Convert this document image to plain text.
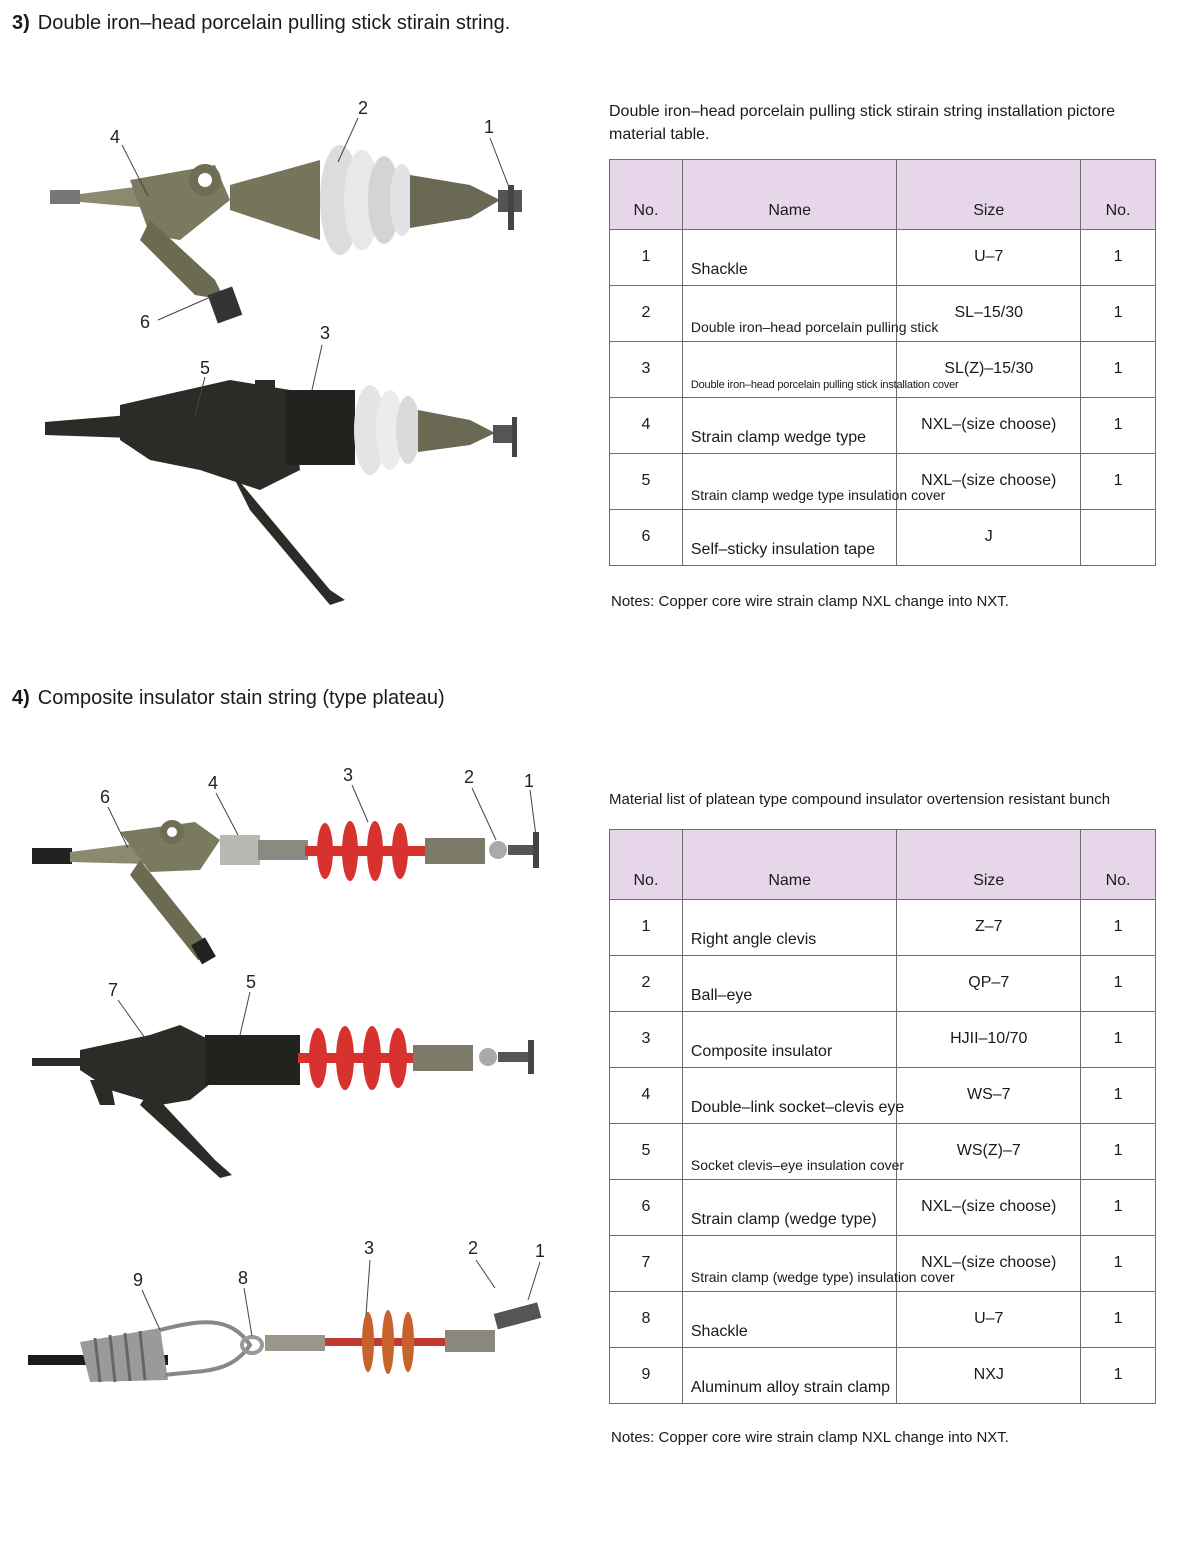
3) Double iron–head porcelain pulling stick stirain string.
2
1
4
6
3
5
Double iron–head porcelain pulling stick stirain string installation pictore material table.
No.	Name	Size	No.

1	Shackle	U–7	1

2	Double iron–head porcelain pulling stick	SL–15/30	1

3	Double iron–head porcelain pulling stick installation cover	SL(Z)–15/30	1

4	Strain clamp wedge type	NXL–(size choose)	1

5	Strain clamp wedge type insulation cover	NXL–(size choose)	1

6	Self–sticky insulation tape	J	

Notes: Copper core wire strain clamp NXL change into NXT.
4) Composite insulator stain string (type plateau)
1
2
3
4
6
7	5
3	2	1
9	8
Material list of platean type compound insulator overtension resistant bunch
No.	Name	Size	No.

1	Right angle clevis	Z–7	1

2	Ball–eye	QP–7	1

3	Composite insulator	HJII–10/70	1

4	Double–link socket–clevis eye	WS–7	1

5	Socket clevis–eye insulation cover	WS(Z)–7	1

6	Strain clamp (wedge type)	NXL–(size choose)	1

7	Strain clamp (wedge type) insulation cover	NXL–(size choose)	1

8	Shackle	U–7	1

9	Aluminum alloy strain clamp	NXJ	1
Notes: Copper core wire strain clamp NXL change into NXT.
